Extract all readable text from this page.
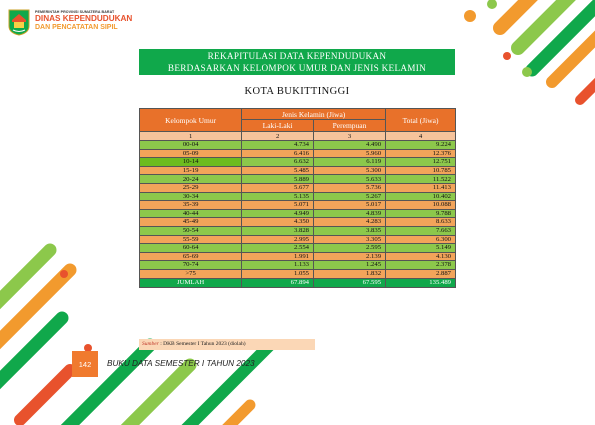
PEMERINTAH PROVINSI SUMATERA BARAT
DINAS KEPENDUDUKAN
DAN PENCATATAN SIPIL
REKAPITULASI DATA KEPENDUDUKAN
BERDASARKAN KELOMPOK UMUR DAN JENIS KELAMIN
KOTA BUKITTINGGI
Kelompok Umur	Jenis Kelamin (Jiwa)		Total (Jiwa)
	Laki-Laki	Perempuan	
1	2	3	4
00-04	4.734	4.490	9.224
05-09	6.416	5.960	12.376
10-14	6.632	6.119	12.751
15-19	5.485	5.300	10.785
20-24	5.889	5.633	11.522
25-29	5.677	5.736	11.413
30-34	5.135	5.267	10.402
35-39	5.071	5.017	10.088
40-44	4.949	4.839	9.788
45-49	4.350	4.283	8.633
50-54	3.828	3.835	7.663
55-59	2.995	3.305	6.300
60-64	2.554	2.595	5.149
65-69	1.991	2.139	4.130
70-74	1.133	1.245	2.378
>75	1.055	1.832	2.887
JUMLAH	67.894	67.595	135.489
Sumber : DKB Semester I Tahun 2023 (diolah)
142	BUKU DATA SEMESTER I TAHUN 2023
